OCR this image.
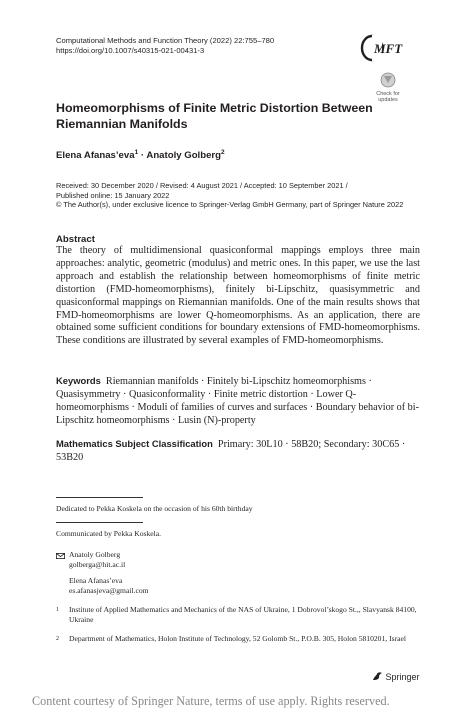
Computational Methods and Function Theory (2022) 22:755–780
https://doi.org/10.1007/s40315-021-00431-3	MFT
Check for
updates
Homeomorphisms of Finite Metric Distortion Between Riemannian Manifolds
Elena Afanas’eva$^1$ · Anatoly Golberg$^2$
Received: 30 December 2020 / Revised: 4 August 2021 / Accepted: 10 September 2021 /
Published online: 15 January 2022
© The Author(s), under exclusive licence to Springer-Verlag GmbH Germany, part of Springer Nature 2022
Abstract
The theory of multidimensional quasiconformal mappings employs three main approaches: analytic, geometric (modulus) and metric ones. In this paper, we use the last approach and establish the relationship between homeomorphisms of finite metric distortion (FMD-homeomorphisms), finitely bi-Lipschitz, quasisymmetric and quasiconformal mappings on Riemannian manifolds. One of the main results shows that FMD-homeomorphisms are lower Q-homeomorphisms. As an application, there are obtained some sufficient conditions for boundary extensions of FMD-homeomorphisms. These conditions are illustrated by several examples of FMD-homeomorphisms.
Keywords Riemannian manifolds · Finitely bi-Lipschitz homeomorphisms · Quasisymmetry · Quasiconformality · Finite metric distortion · Lower Q-homeomorphisms · Moduli of families of curves and surfaces · Boundary behavior of bi-Lipschitz homeomorphisms · Lusin (N)-property
Mathematics Subject Classification Primary: 30L10 · 58B20; Secondary: 30C65 · 53B20
Dedicated to Pekka Koskela on the occasion of his 60th birthday
Communicated by Pekka Koskela.
Anatoly Golberg
golberga@hit.ac.il
Elena Afanas’eva
es.afanasjeva@gmail.com
1 Institute of Applied Mathematics and Mechanics of the NAS of Ukraine, 1 Dobrovol’skogo St.,, Slavyansk 84100, Ukraine
2 Department of Mathematics, Holon Institute of Technology, 52 Golomb St., P.O.B. 305, Holon 5810201, Israel
Springer
Content courtesy of Springer Nature, terms of use apply. Rights reserved.
